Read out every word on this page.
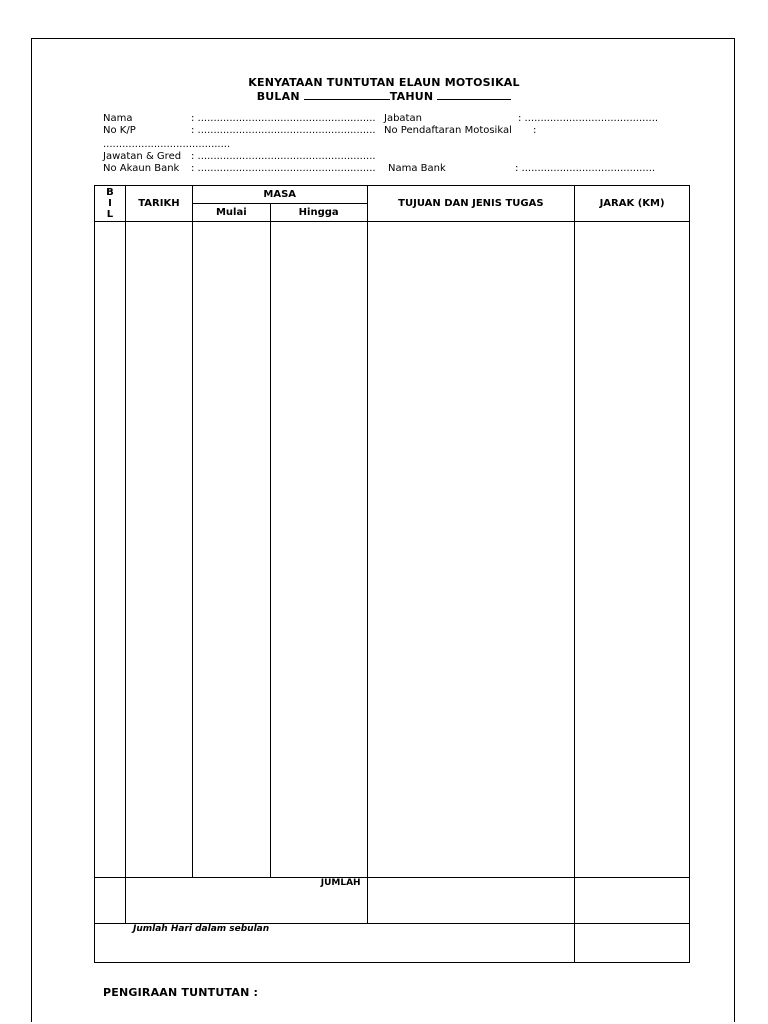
KENYATAAN TUNTUTAN ELAUN MOTOSIKAL
BULAN	TAHUN
Nama	: ........................................................ Jabatan	: ..........................................
No K/P	: ........................................................ No Pendaftaran Motosikal :
........................................
Jawatan & Gred : ........................................................
No Akaun Bank : ........................................................ Nama Bank	: ..........................................
BI L	TARIKH	MASA		TUJUAN DAN JENIS TUGAS	JARAK (KM)
		Mulai	Hingga		

	JUMLAH				
Jumlah Hari dalam sebulan					
PENGIRAAN TUNTUTAN :
